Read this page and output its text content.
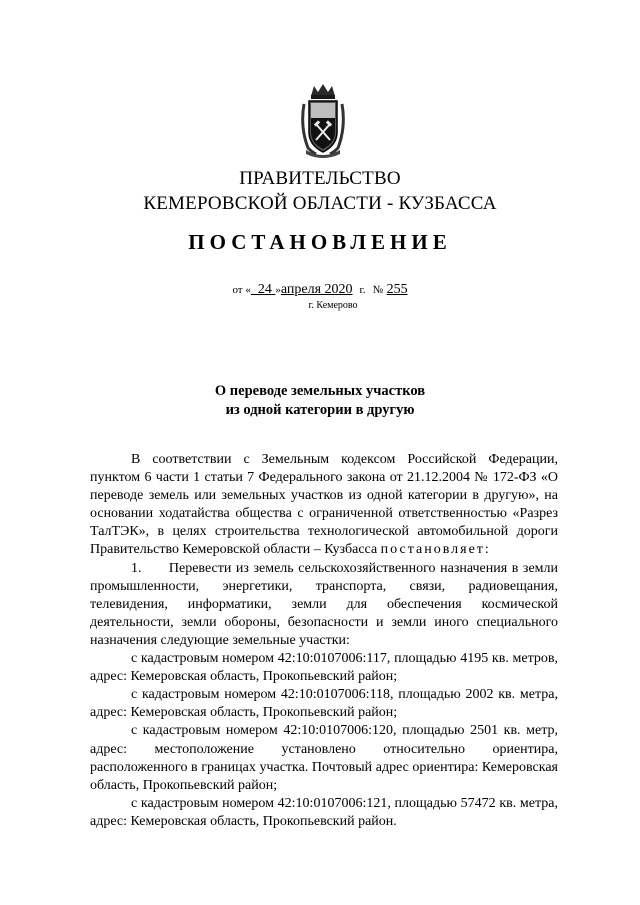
ПРАВИТЕЛЬСТВО
КЕМЕРОВСКОЙ ОБЛАСТИ - КУЗБАССА
ПОСТАНОВЛЕНИЕ
от « 24 »апреля 2020 г. № 255
г. Кемерово
О переводе земельных участков
из одной категории в другую

В соответствии с Земельным кодексом Российской Федерации, пунктом 6 части 1 статьи 7 Федерального закона от 21.12.2004 № 172-ФЗ «О переводе земель или земельных участков из одной категории в другую», на основании ходатайства общества с ограниченной ответственностью «Разрез ТалТЭК», в целях строительства технологической автомобильной дороги Правительство Кемеровской области – Кузбасса постановляет:

1.      Перевести из земель сельскохозяйственного назначения в земли промышленности, энергетики, транспорта, связи, радиовещания, телевидения, информатики, земли для обеспечения космической деятельности, земли обороны, безопасности и земли иного специального назначения следующие земельные участки:

с кадастровым номером 42:10:0107006:117, площадью 4195 кв. метров, адрес: Кемеровская область, Прокопьевский район;

с кадастровым номером 42:10:0107006:118, площадью 2002 кв. метра, адрес: Кемеровская область, Прокопьевский район;

с кадастровым номером 42:10:0107006:120, площадью 2501 кв. метр, адрес: местоположение установлено относительно ориентира, расположенного в границах участка. Почтовый адрес ориентира: Кемеровская область, Прокопьевский район;

с кадастровым номером 42:10:0107006:121, площадью 57472 кв. метра, адрес: Кемеровская область, Прокопьевский район.
